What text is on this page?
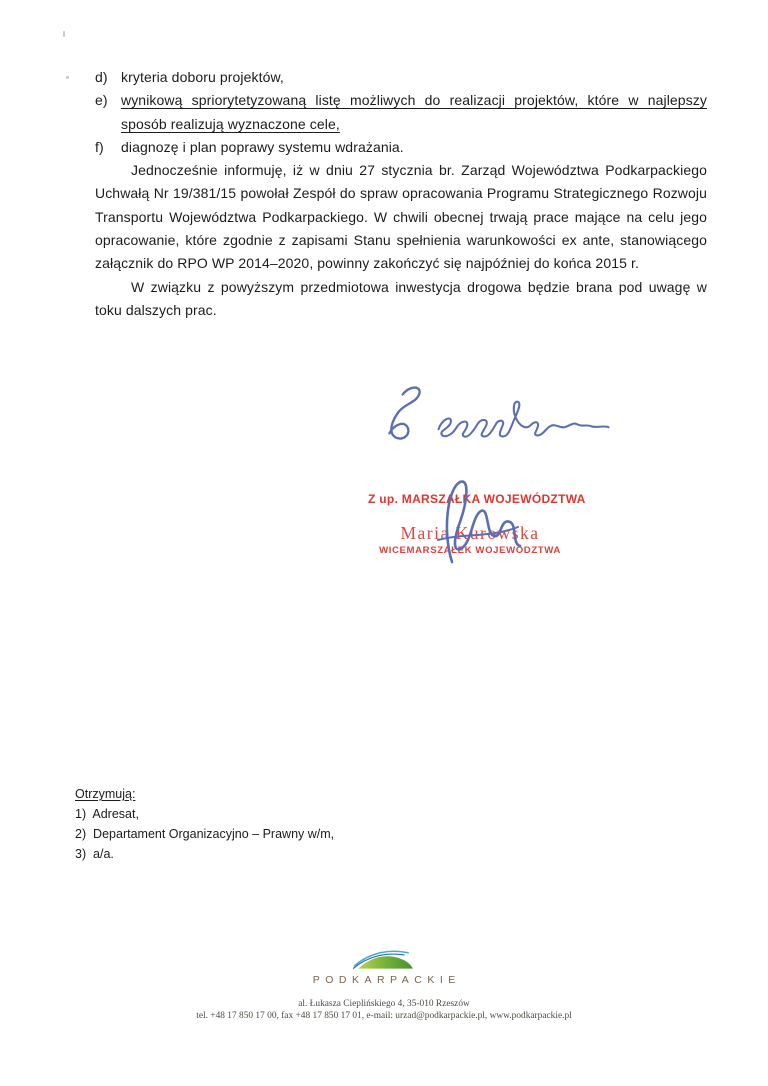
d) kryteria doboru projektów,
e) wynikową spriorytetyzowaną listę możliwych do realizacji projektów, które w najlepszy sposób realizują wyznaczone cele,
f)	diagnozę i plan poprawy systemu wdrażania.

Jednocześnie informuję, iż w dniu 27 stycznia br. Zarząd Województwa Podkarpackiego Uchwałą Nr 19/381/15 powołał Zespół do spraw opracowania Programu Strategicznego Rozwoju Transportu Województwa Podkarpackiego. W chwili obecnej trwają prace mające na celu jego opracowanie, które zgodnie z zapisami Stanu spełnienia warunkowości ex ante, stanowiącego załącznik do RPO WP 2014–2020, powinny zakończyć się najpóźniej do końca 2015 r.

W związku z powyższym przedmiotowa inwestycja drogowa będzie brana pod uwagę w toku dalszych prac.

Z up. MARSZAŁKA WOJEWÓDZTWA
Maria Kurowska
WICEMARSZAŁEK WOJEWÓDZTWA
Otrzymują:
1)  Adresat,
2)  Departament Organizacyjno – Prawny w/m,
3)  a/a.
PODKARPACKIE
al. Łukasza Cieplińskiego 4, 35-010 Rzeszów
tel. +48 17 850 17 00, fax +48 17 850 17 01, e-mail: urzad@podkarpackie.pl, www.podkarpackie.pl
